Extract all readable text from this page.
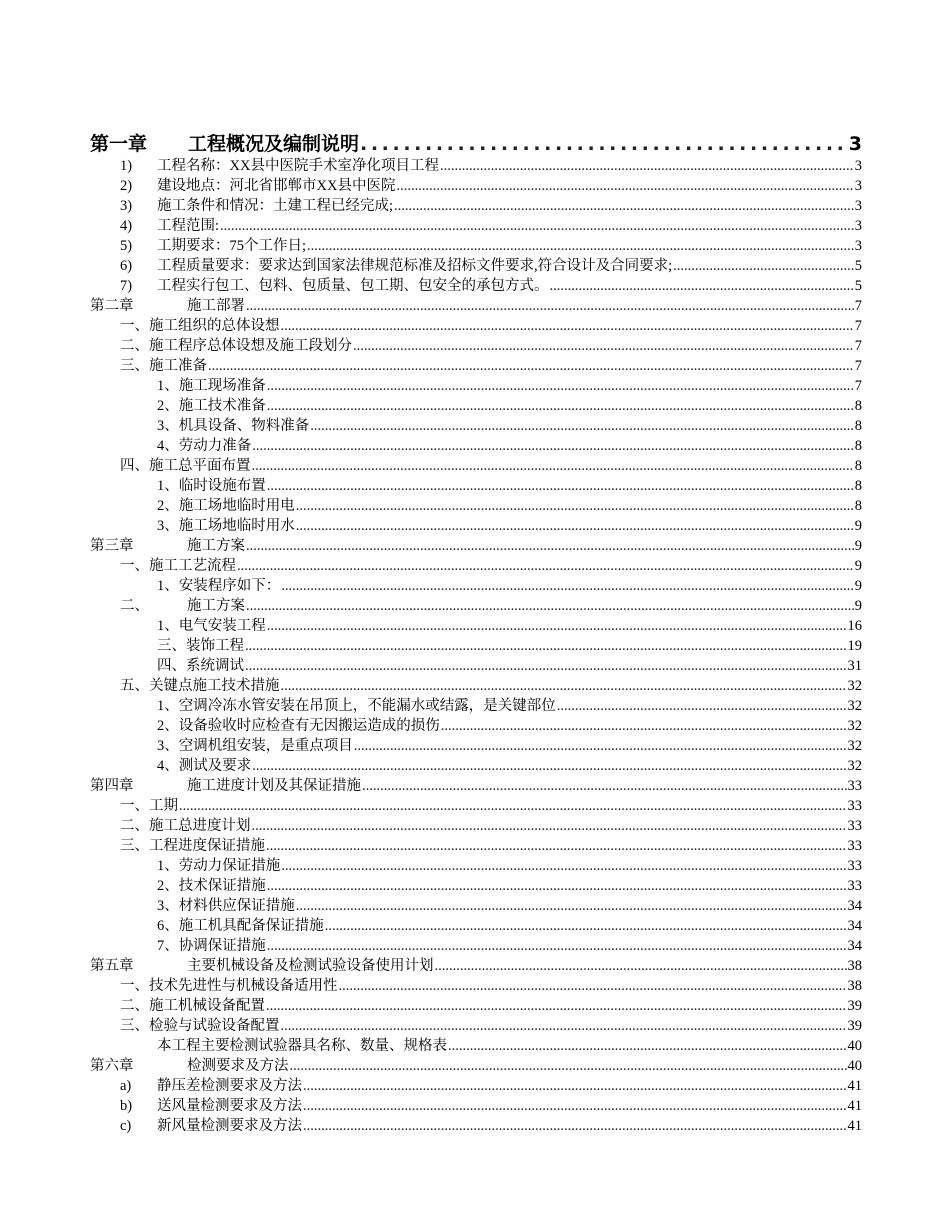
第一章	工程概况及编制说明 . .	3
1)	工程名称：XX县中医院手术室净化项目工程 .....	3
2)	建设地点：河北省邯郸市XX县中医院 .....	3
3)	施工条件和情况：土建工程已经完成; .....	3
4)	工程范围: .....	3
5)	工期要求：75个工作日; .....	3
6)	工程质量要求：要求达到国家法律规范标准及招标文件要求,符合设计及合同要求; .....	5
7)	工程实行包工、包料、包质量、包工期、包安全的承包方式。 .....	5
第二章	施工部署 .....	7
一、施工组织的总体设想 .....	7
二、施工程序总体设想及施工段划分 .....	7
三、施工准备 .....	7
1、施工现场准备 .....	7
2、施工技术准备 .....	8
3、机具设备、物料准备 .....	8
4、劳动力准备 .....	8
四、施工总平面布置 .....	8
1、临时设施布置 .....	8
2、施工场地临时用电 .....	8
3、施工场地临时用水 .....	9
第三章	施工方案 .....	9
一、施工工艺流程 .....	9
1、安装程序如下： .....	9
二、	施工方案 .....	9
1、电气安装工程 .....	16
三、装饰工程 .....	19
四、系统调试 .....	31
五、关键点施工技术措施 .....	32
1、空调冷冻水管安装在吊顶上，不能漏水或结露，是关键部位 .....	32
2、设备验收时应检查有无因搬运造成的损伤 .....	32
3、空调机组安装，是重点项目 .....	32
4、测试及要求 .....	32
第四章	施工进度计划及其保证措施 .....	33
一、工期 .....	33
二、施工总进度计划 .....	33
三、工程进度保证措施 .....	33
1、劳动力保证措施 .....	33
2、技术保证措施 .....	33
3、材料供应保证措施 .....	34
6、施工机具配备保证措施 .....	34
7、协调保证措施 .....	34
第五章	主要机械设备及检测试验设备使用计划 .....	38
一、技术先进性与机械设备适用性 .....	38
二、施工机械设备配置 .....	39
三、检验与试验设备配置 .....	39
本工程主要检测试验器具名称、数量、规格表 .....	40
第六章	检测要求及方法 .....	40
a)	静压差检测要求及方法 .....	41
b)	送风量检测要求及方法 .....	41
c)	新风量检测要求及方法 .....	41
